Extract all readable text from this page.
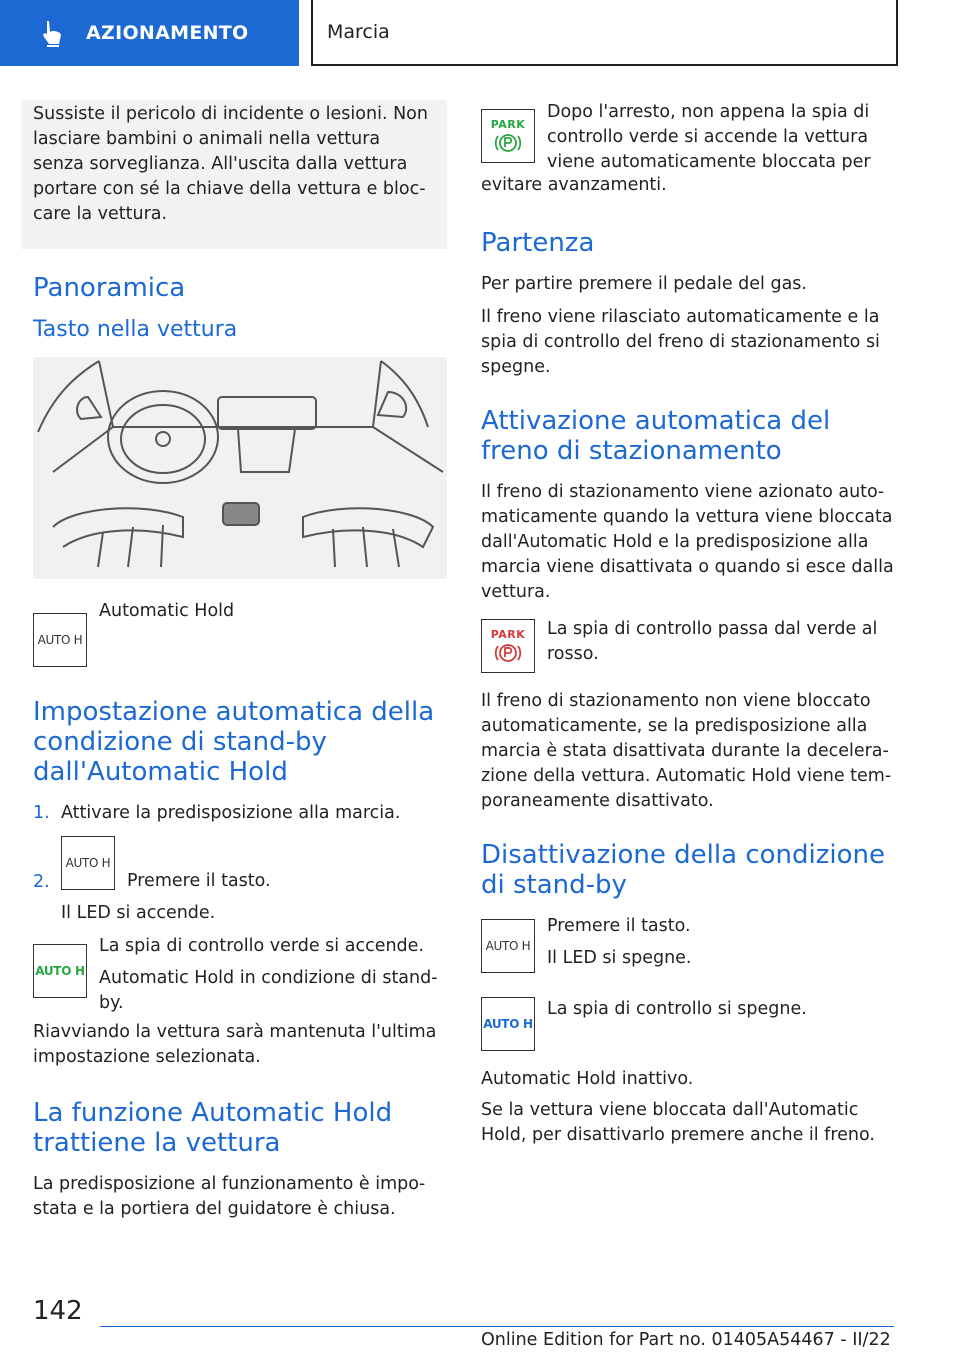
AZIONAMENTO	Marcia
Sussiste il pericolo di incidente o lesioni. Non lasciare bambini o animali nella vettura senza sorveglianza. All'uscita dalla vettura portare con sé la chiave della vettura e bloc‐care la vettura.
Panoramica
Tasto nella vettura
AUTO H

Automatic Hold

Impostazione automatica della condizione di stand-by dall'Automatic Hold
1. Attivare la predisposizione alla marcia.

2.
AUTO H

Premere il tasto.

Il LED si accende.

AUTO H

La spia di controllo verde si accende.

Automatic Hold in condizione di stand-by.

Riavviando la vettura sarà mantenuta l'ultima impostazione selezionata.

La funzione Automatic Hold trattiene la vettura

La predisposizione al funzionamento è impo‐stata e la portiera del guidatore è chiusa.

PARK

Dopo l'arresto, non appena la spia di controllo verde si accende la vettura viene automaticamente bloccata per

evitare avanzamenti.

Partenza

Per partire premere il pedale del gas.

Il freno viene rilasciato automaticamente e la spia di controllo del freno di stazionamento si spegne.

Attivazione automatica del freno di stazionamento

Il freno di stazionamento viene azionato auto‐maticamente quando la vettura viene bloccata dall'Automatic Hold e la predisposizione alla marcia viene disattivata o quando si esce dalla vettura.

PARK La spia di controllo passa dal verde al rosso.

Il freno di stazionamento non viene bloccato automaticamente, se la predisposizione alla marcia è stata disattivata durante la decelera‐zione della vettura. Automatic Hold viene tem‐poraneamente disattivato.

Disattivazione della condizione di stand-by
AUTO H

Premere il tasto.

Il LED si spegne.

AUTO H

La spia di controllo si spegne.

Automatic Hold inattivo.

Se la vettura viene bloccata dall'Automatic Hold, per disattivarlo premere anche il freno.

142
Online Edition for Part no. 01405A54467 - II/22
